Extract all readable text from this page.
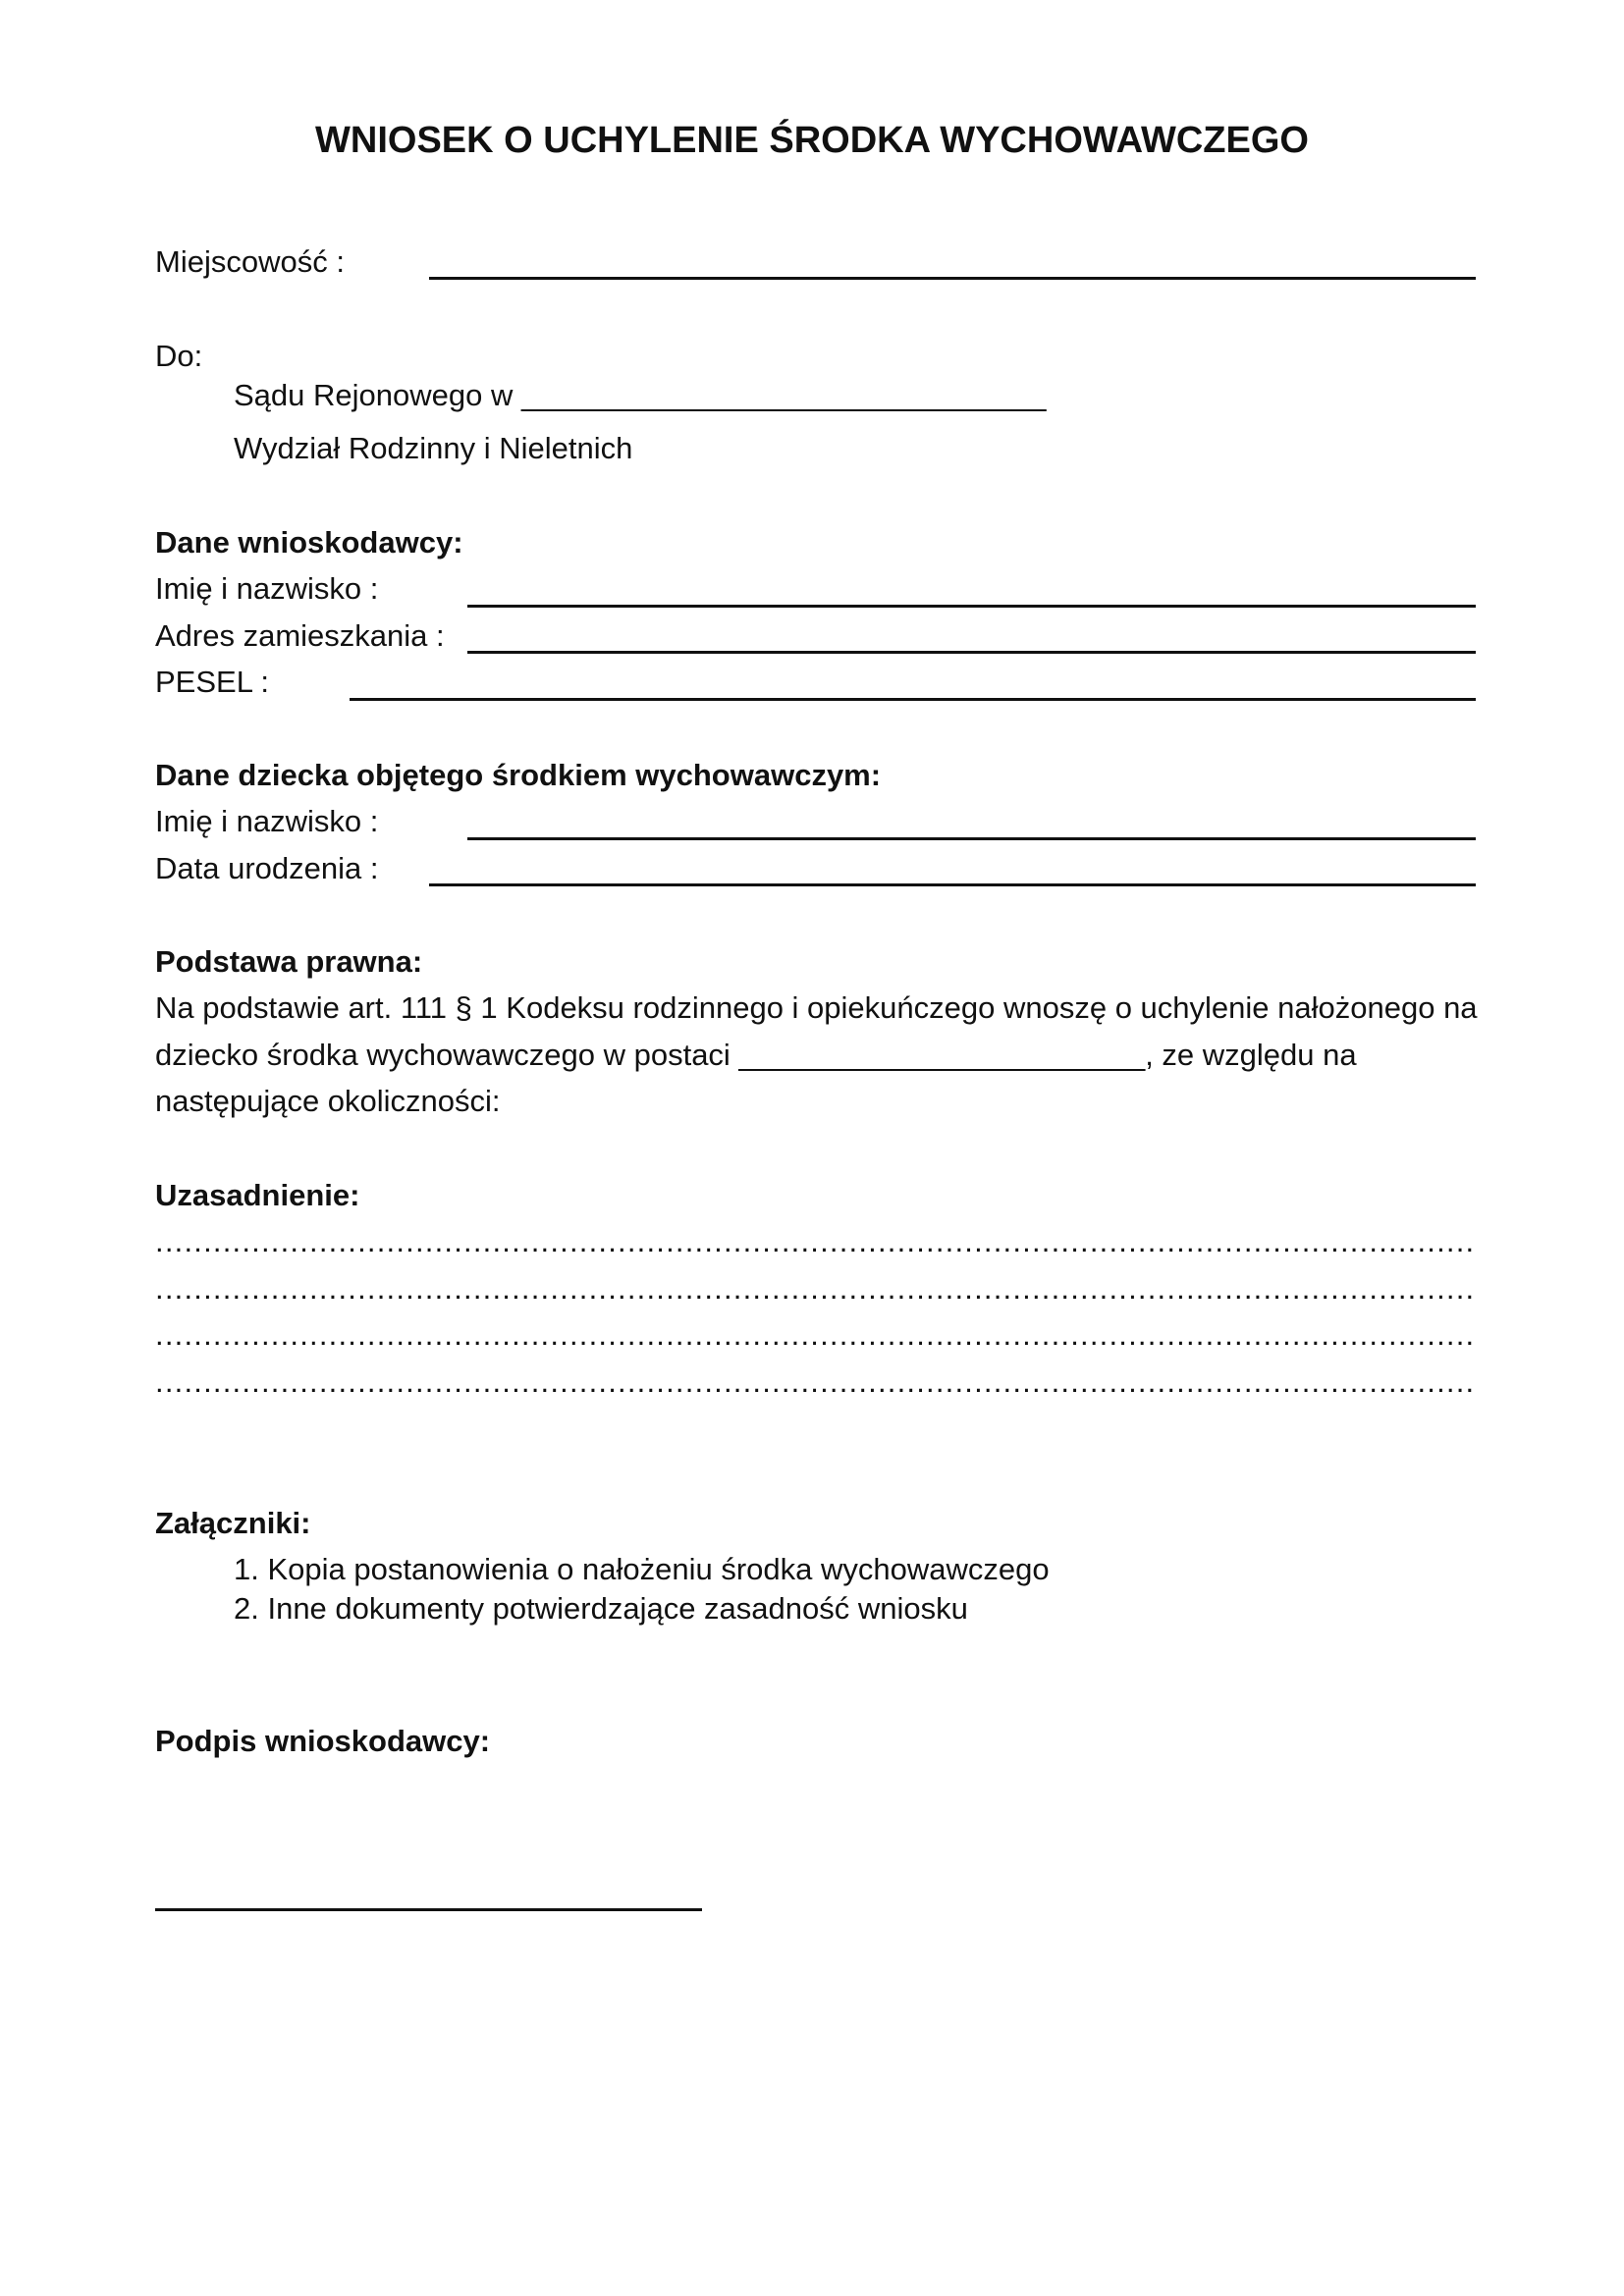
WNIOSEK O UCHYLENIE ŚRODKA WYCHOWAWCZEGO
Miejscowość :
Do:
Sądu Rejonowego w _______________________________
Wydział Rodzinny i Nieletnich
Dane wnioskodawcy:
Imię i nazwisko :
Adres zamieszkania :
PESEL :
Dane dziecka objętego środkiem wychowawczym:
Imię i nazwisko :
Data urodzenia :
Podstawa prawna:
Na podstawie art. 111 § 1 Kodeksu rodzinnego i opiekuńczego wnoszę o uchylenie nałożonego na
dziecko środka wychowawczego w postaci ________________________, ze względu na
następujące okoliczności:
Uzasadnienie:
.....
.....
.....
.....
Załączniki:
1. Kopia postanowienia o nałożeniu środka wychowawczego
2. Inne dokumenty potwierdzające zasadność wniosku
Podpis wnioskodawcy:
